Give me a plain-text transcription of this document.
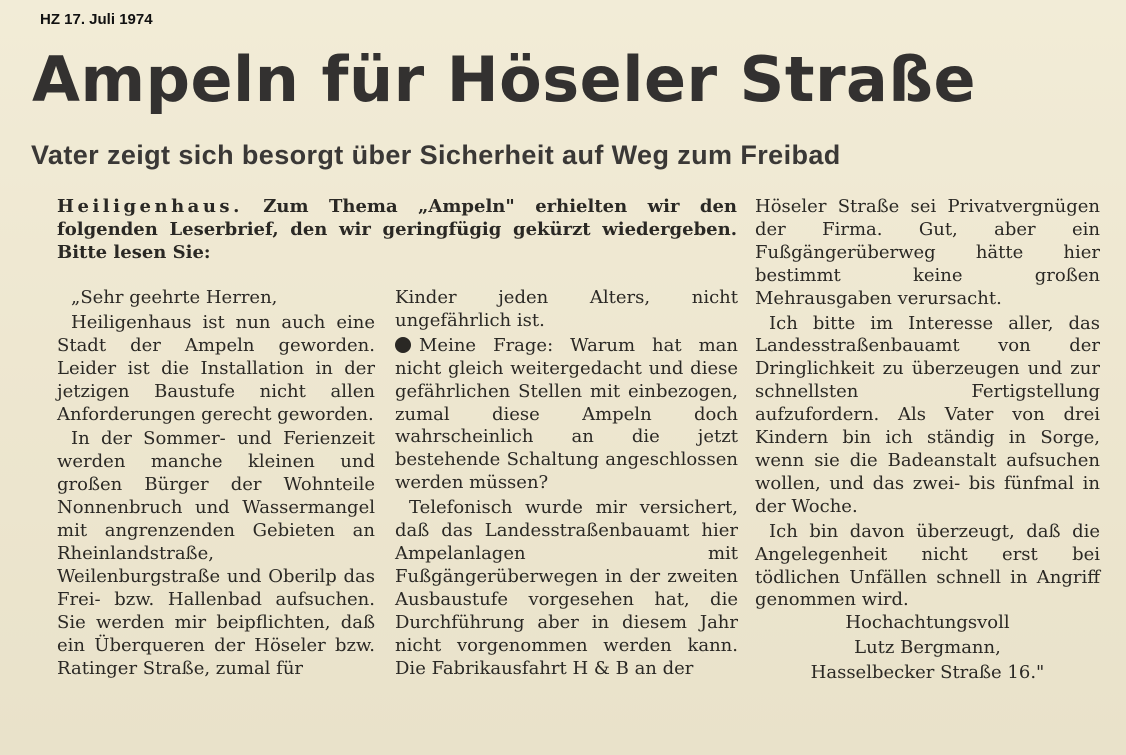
HZ 17. Juli 1974
Ampeln für Höseler Straße
Vater zeigt sich besorgt über Sicherheit auf Weg zum Freibad
Heiligenhaus. Zum Thema „Ampeln" erhielten wir den folgenden Leserbrief, den wir geringfügig gekürzt wiedergeben. Bitte lesen Sie:

„Sehr geehrte Herren,

Heiligenhaus ist nun auch eine Stadt der Ampeln geworden. Leider ist die Installation in der jetzigen Baustufe nicht allen Anforderungen gerecht geworden.

In der Sommer- und Ferienzeit werden manche kleinen und großen Bürger der Wohnteile Nonnenbruch und Wassermangel mit angrenzenden Gebieten an Rheinlandstraße, Weilenburgstraße und Oberilp das Frei- bzw. Hallenbad aufsuchen. Sie werden mir beipflichten, daß ein Überqueren der Höseler bzw. Ratinger Straße, zumal für

Kinder jeden Alters, nicht ungefährlich ist.

Meine Frage: Warum hat man nicht gleich weitergedacht und diese gefährlichen Stellen mit einbezogen, zumal diese Ampeln doch wahrscheinlich an die jetzt bestehende Schaltung angeschlossen werden müssen?

Telefonisch wurde mir versichert, daß das Landesstraßenbauamt hier Ampelanlagen mit Fußgängerüberwegen in der zweiten Ausbaustufe vorgesehen hat, die Durchführung aber in diesem Jahr nicht vorgenommen werden kann. Die Fabrikausfahrt H & B an der

Höseler Straße sei Privatvergnügen der Firma. Gut, aber ein Fußgängerüberweg hätte hier bestimmt keine großen Mehrausgaben verursacht.

Ich bitte im Interesse aller, das Landesstraßenbauamt von der Dringlichkeit zu überzeugen und zur schnellsten Fertigstellung aufzufordern. Als Vater von drei Kindern bin ich ständig in Sorge, wenn sie die Badeanstalt aufsuchen wollen, und das zwei- bis fünfmal in der Woche.

Ich bin davon überzeugt, daß die Angelegenheit nicht erst bei tödlichen Unfällen schnell in Angriff genommen wird.

Hochachtungsvoll

Lutz Bergmann,

Hasselbecker Straße 16."
